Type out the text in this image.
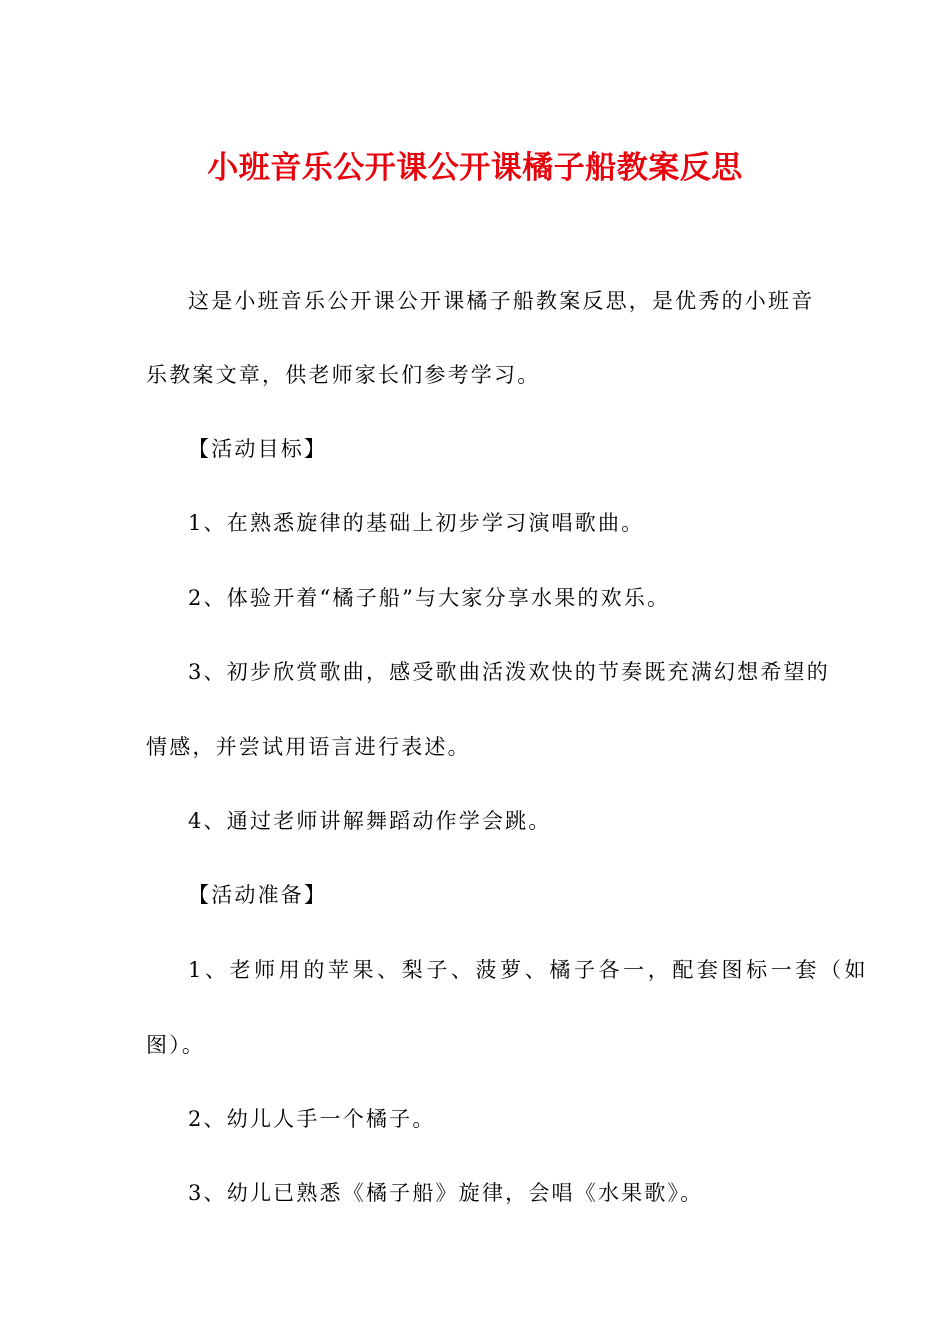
小班音乐公开课公开课橘子船教案反思
这是小班音乐公开课公开课橘子船教案反思，是优秀的小班音
乐教案文章，供老师家长们参考学习。
【活动目标】
1、在熟悉旋律的基础上初步学习演唱歌曲。
2、体验开着“橘子船”与大家分享水果的欢乐。
3、初步欣赏歌曲，感受歌曲活泼欢快的节奏既充满幻想希望的
情感，并尝试用语言进行表述。
4、通过老师讲解舞蹈动作学会跳。
【活动准备】
1、老师用的苹果、梨子、菠萝、橘子各一，配套图标一套（如
图）。
2、幼儿人手一个橘子。
3、幼儿已熟悉《橘子船》旋律，会唱《水果歌》。
